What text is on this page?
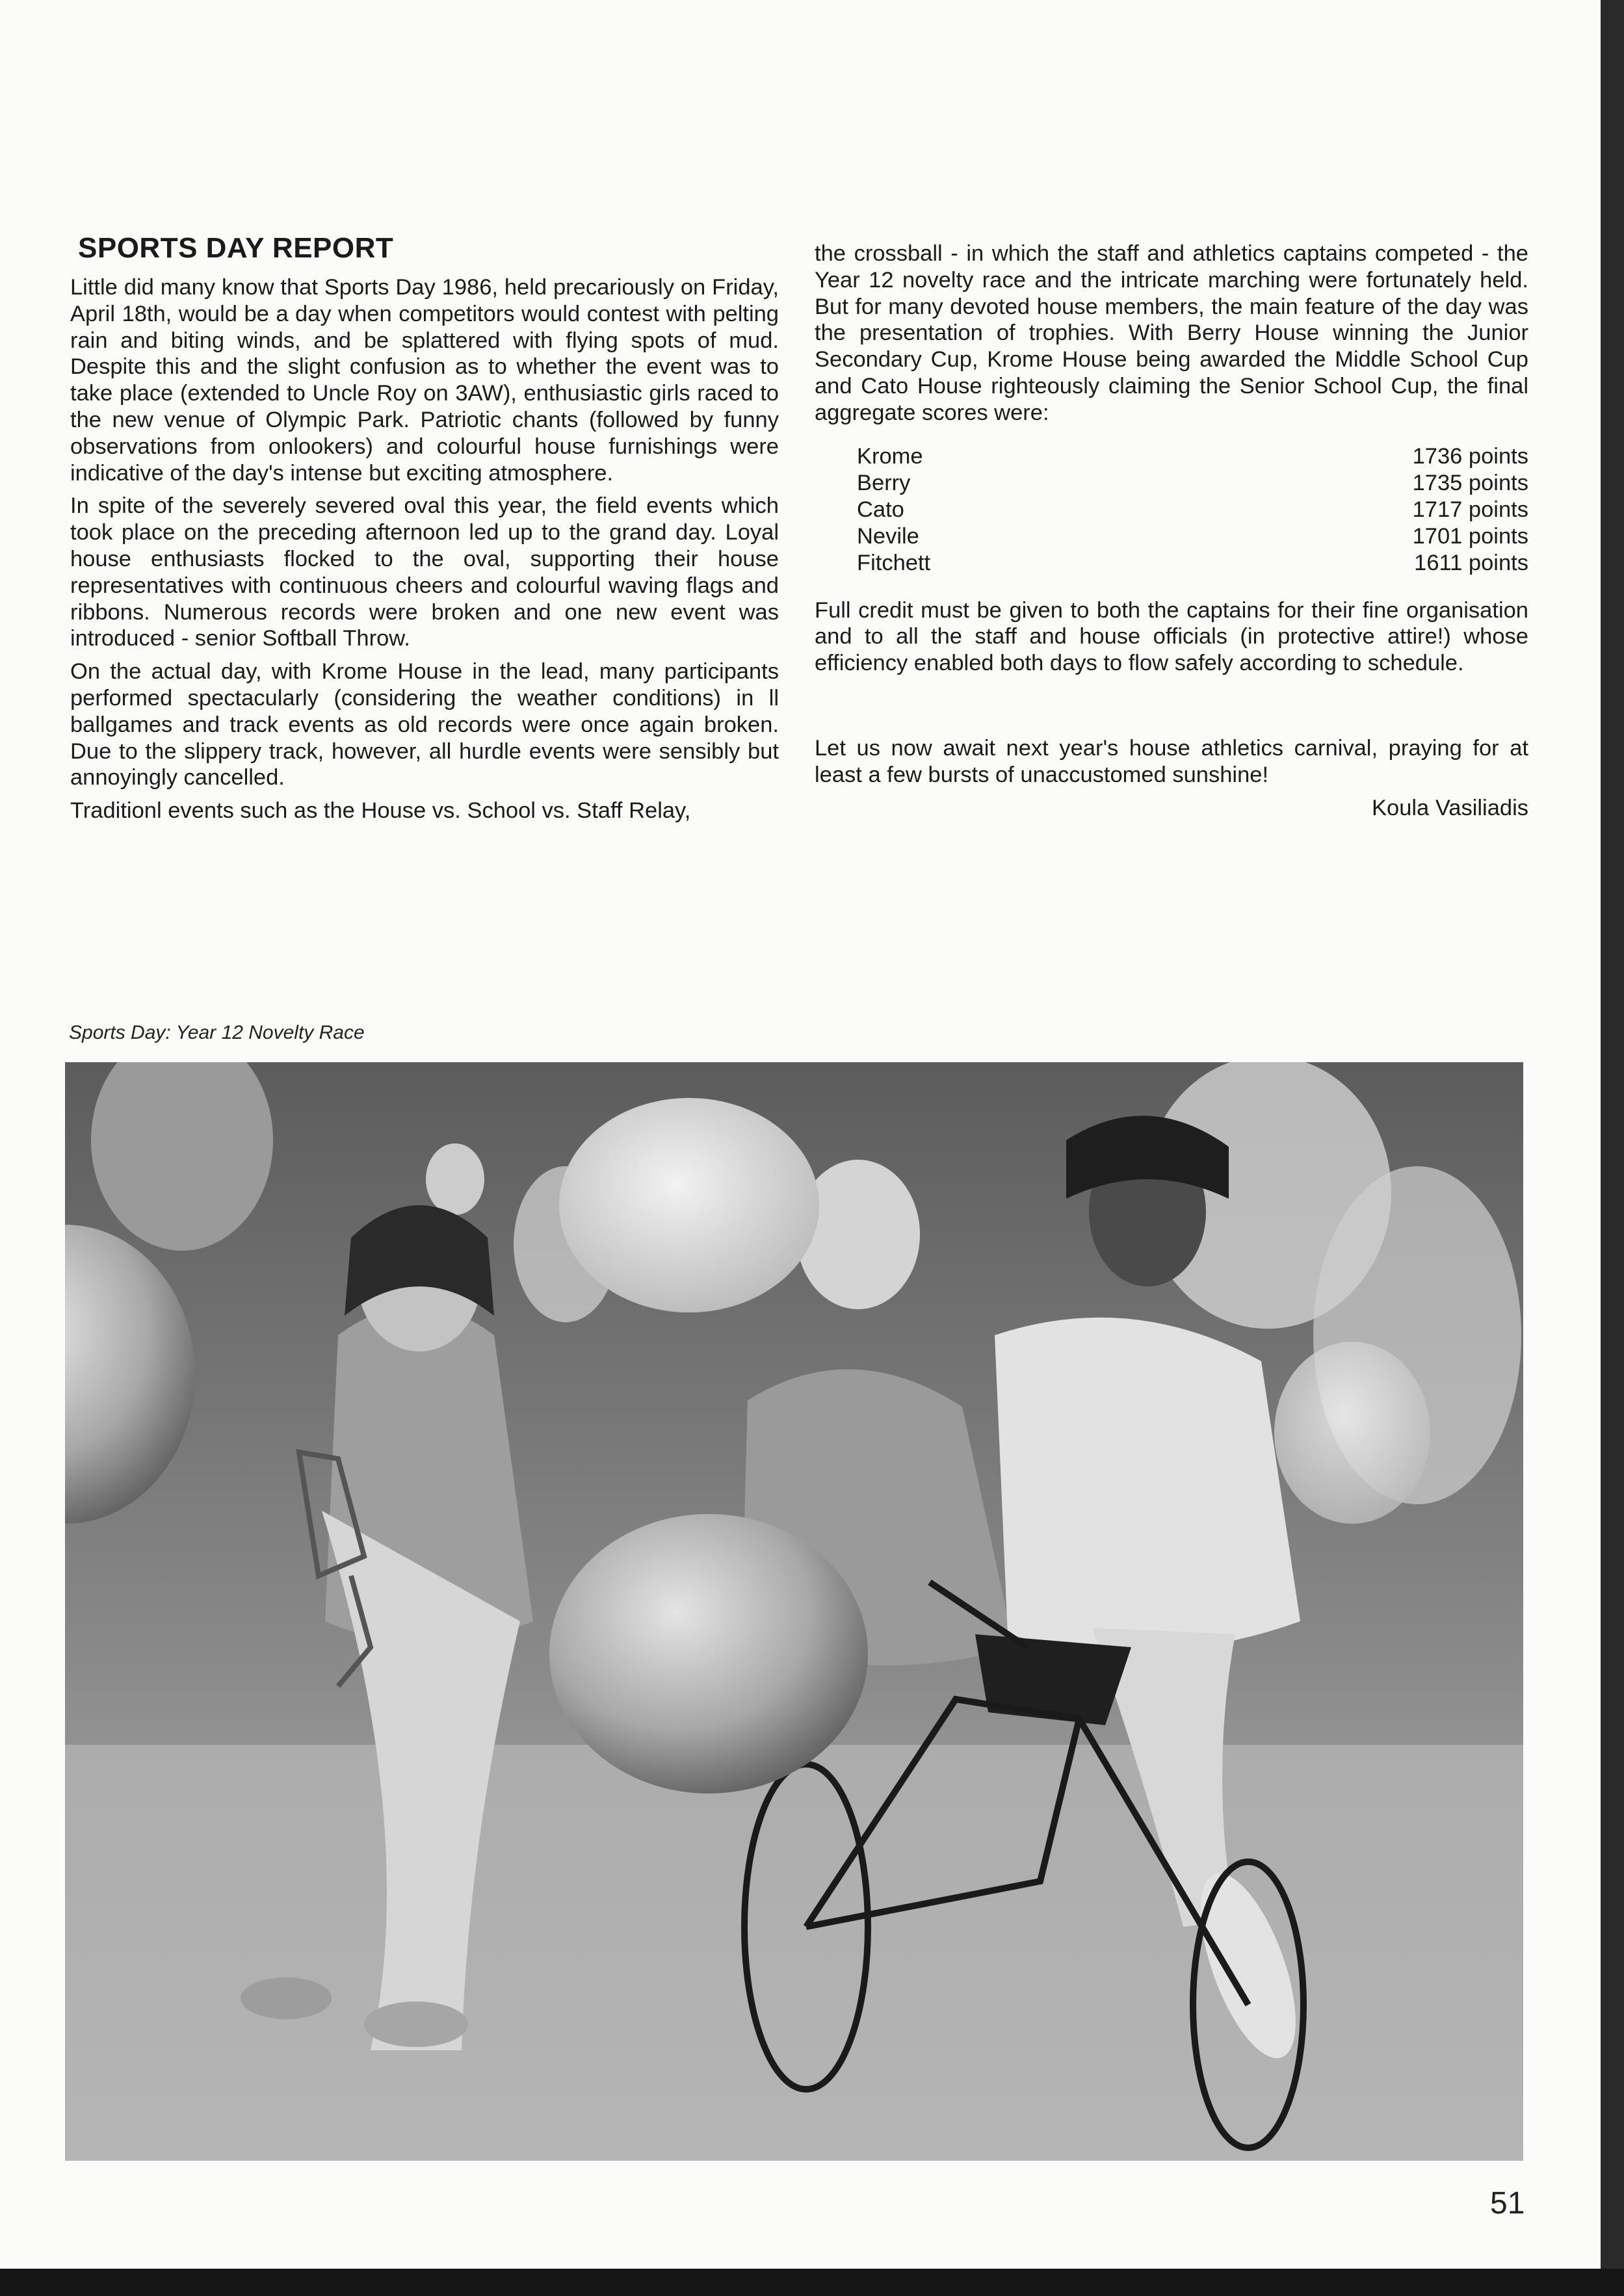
SPORTS DAY REPORT

Little did many know that Sports Day 1986, held precariously on Friday, April 18th, would be a day when competitors would contest with pelting rain and biting winds, and be splattered with flying spots of mud. Despite this and the slight confusion as to whether the event was to take place (extended to Uncle Roy on 3AW), enthusiastic girls raced to the new venue of Olympic Park. Patriotic chants (followed by funny observations from onlookers) and colourful house furnishings were indicative of the day's intense but exciting atmosphere.

In spite of the severely severed oval this year, the field events which took place on the preceding afternoon led up to the grand day. Loyal house enthusiasts flocked to the oval, supporting their house representatives with continuous cheers and colourful waving flags and ribbons. Numerous records were broken and one new event was introduced - senior Softball Throw.

On the actual day, with Krome House in the lead, many participants performed spectacularly (considering the weather conditions) in ll ballgames and track events as old records were once again broken. Due to the slippery track, however, all hurdle events were sensibly but annoyingly cancelled.

Traditionl events such as the House vs. School vs. Staff Relay,

the crossball - in which the staff and athletics captains competed - the Year 12 novelty race and the intricate marching were fortunately held. But for many devoted house members, the main feature of the day was the presentation of trophies. With Berry House winning the Junior Secondary Cup, Krome House being awarded the Middle School Cup and Cato House righteously claiming the Senior School Cup, the final aggregate scores were:

Krome	1736 points
Berry	1735 points
Cato	1717 points
Nevile	1701 points
Fitchett	1611 points

Full credit must be given to both the captains for their fine organisation and to all the staff and house officials (in protective attire!) whose efficiency enabled both days to flow safely according to schedule.

Let us now await next year's house athletics carnival, praying for at least a few bursts of unaccustomed sunshine!

Koula Vasiliadis
Sports Day: Year 12 Novelty Race
51
